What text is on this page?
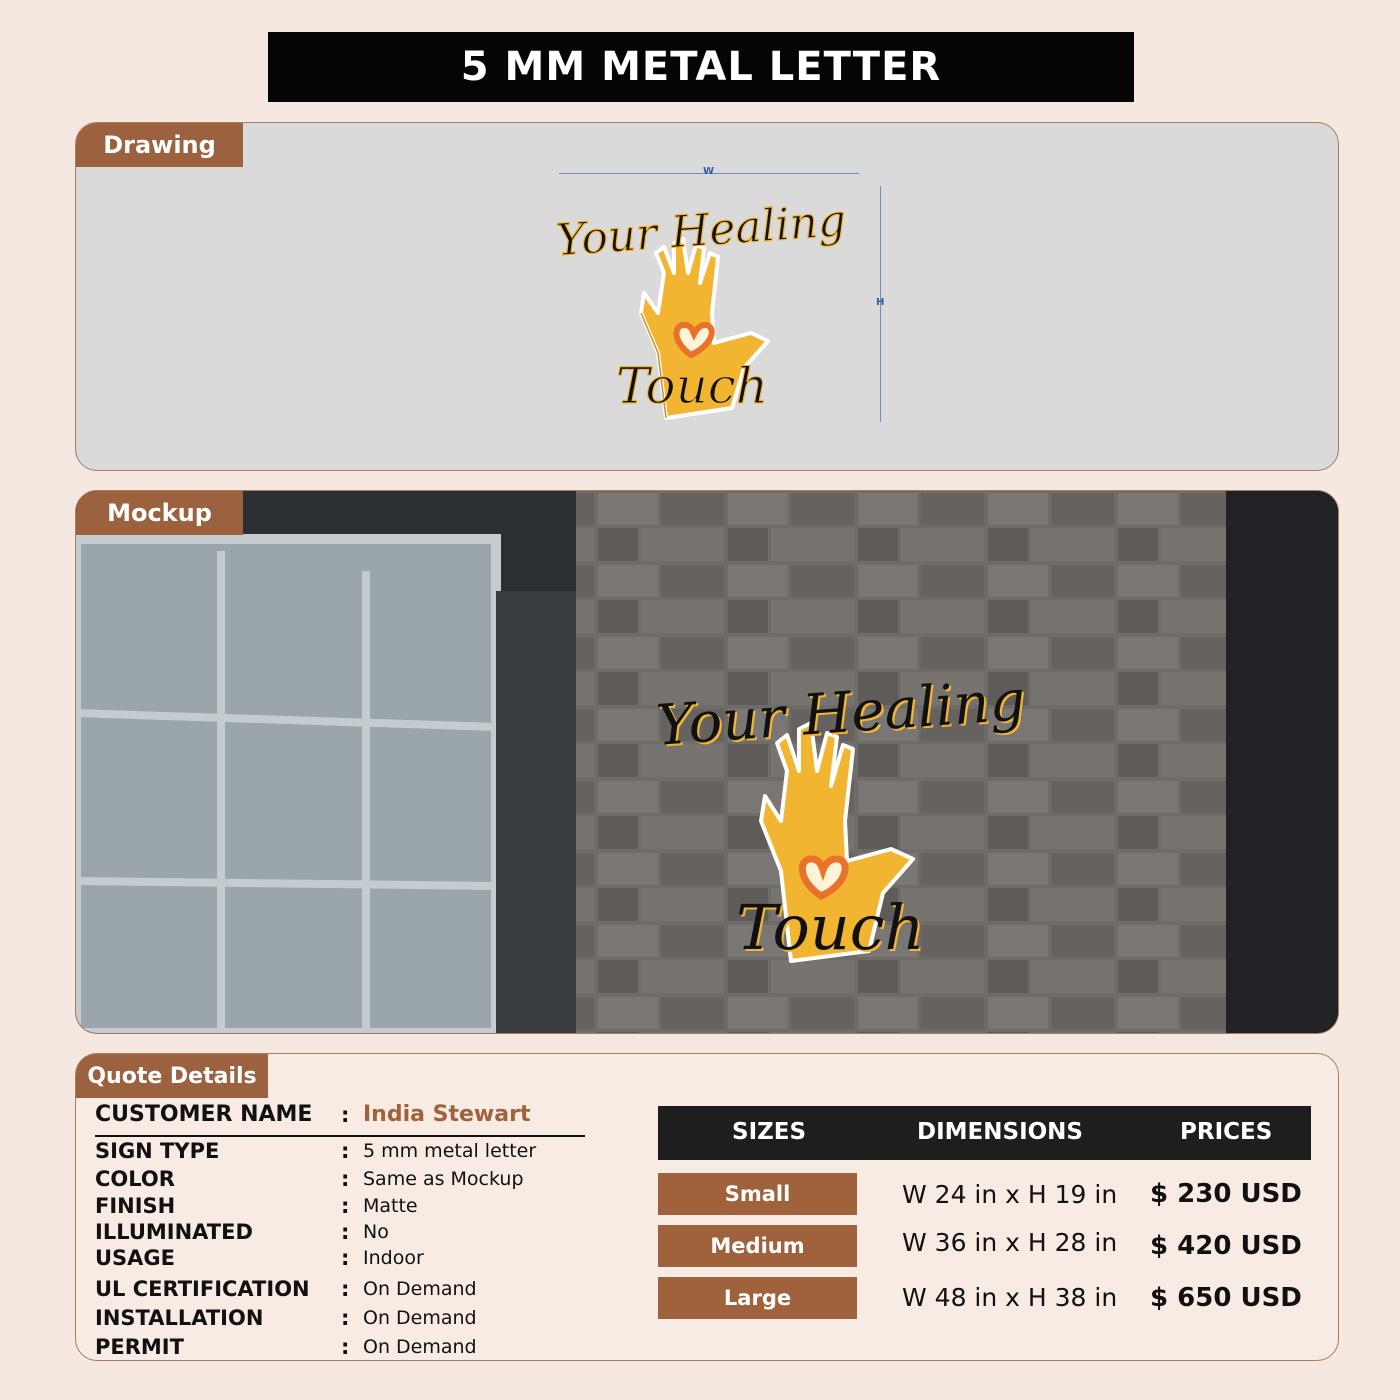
5 MM METAL LETTER
Drawing
W
H
Your Healing
Touch
Mockup
Your Healing
Touch
Quote Details
CUSTOMER NAME	: India Stewart
SIGN TYPE	: 5 mm metal letter
COLOR	: Same as Mockup
FINISH	: Matte
ILLUMINATED	: No
USAGE	: Indoor
UL CERTIFICATION	: On Demand
INSTALLATION	: On Demand
PERMIT	: On Demand
SIZES	DIMENSIONS	PRICES
Small	W 24 in x H 19 in $ 230 USD
Medium	W 36 in x H 28 in $ 420 USD
Large	W 48 in x H 38 in $ 650 USD
